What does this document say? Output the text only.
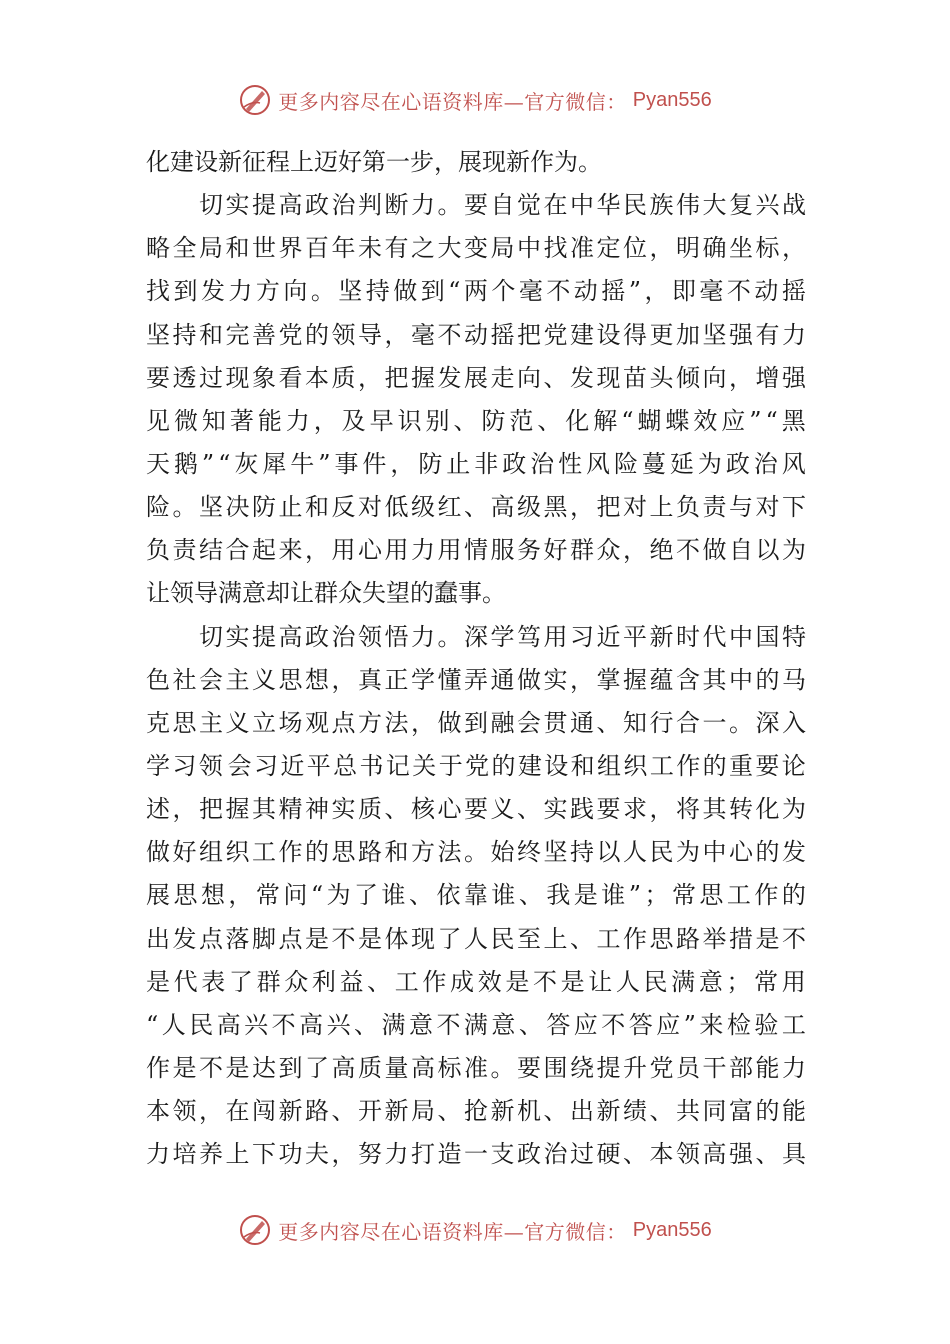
更多内容尽在心语资料库—官方微信： Pyan556
化建设新征程上迈好第一步，展现新作为。

切 实 提 高 政 治 判 断 力 。 要 自 觉 在 中 华 民 族 伟 大 复 兴 战
略 全 局 和 世 界 百 年 未 有 之 大 变 局 中 找 准 定 位 ， 明 确 坐 标 ，
找 到 发 力 方 向 。 坚 持 做 到 “ 两 个 毫 不 动 摇 ” ， 即 毫 不 动 摇
坚 持 和 完 善 党 的 领 导 ， 毫 不 动 摇 把 党 建 设 得 更 加 坚 强 有 力
要 透 过 现 象 看 本 质 ， 把 握 发 展 走 向 、 发 现 苗 头 倾 向 ， 增 强
见 微 知 著 能 力 ， 及 早 识 别 、 防 范 、 化 解 “ 蝴 蝶 效 应 ” “ 黑
天 鹅 ” “ 灰 犀 牛 ” 事 件 ， 防 止 非 政 治 性 风 险 蔓 延 为 政 治 风
险 。 坚 决 防 止 和 反 对 低 级 红 、 高 级 黑 ， 把 对 上 负 责 与 对 下
负 责 结 合 起 来 ， 用 心 用 力 用 情 服 务 好 群 众 ， 绝 不 做 自 以 为
让领导满意却让群众失望的蠢事。

切 实 提 高 政 治 领 悟 力 。 深 学 笃 用 习 近 平 新 时 代 中 国 特
色 社 会 主 义 思 想 ， 真 正 学 懂 弄 通 做 实 ， 掌 握 蕴 含 其 中 的 马
克 思 主 义 立 场 观 点 方 法 ， 做 到 融 会 贯 通 、 知 行 合 一 。 深 入
学 习 领 会 习 近 平 总 书 记 关 于 党 的 建 设 和 组 织 工 作 的 重 要 论
述 ， 把 握 其 精 神 实 质 、 核 心 要 义 、 实 践 要 求 ， 将 其 转 化 为
做 好 组 织 工 作 的 思 路 和 方 法 。 始 终 坚 持 以 人 民 为 中 心 的 发
展 思 想 ， 常 问 “ 为 了 谁 、 依 靠 谁 、 我 是 谁 ” ； 常 思 工 作 的
出 发 点 落 脚 点 是 不 是 体 现 了 人 民 至 上 、 工 作 思 路 举 措 是 不
是 代 表 了 群 众 利 益 、 工 作 成 效 是 不 是 让 人 民 满 意 ； 常 用
“ 人 民 高 兴 不 高 兴 、 满 意 不 满 意 、 答 应 不 答 应 ” 来 检 验 工
作 是 不 是 达 到 了 高 质 量 高 标 准 。 要 围 绕 提 升 党 员 干 部 能 力
本 领 ， 在 闯 新 路 、 开 新 局 、 抢 新 机 、 出 新 绩 、 共 同 富 的 能
力 培 养 上 下 功 夫 ， 努 力 打 造 一 支 政 治 过 硬 、 本 领 高 强 、 具
更多内容尽在心语资料库—官方微信： Pyan556
